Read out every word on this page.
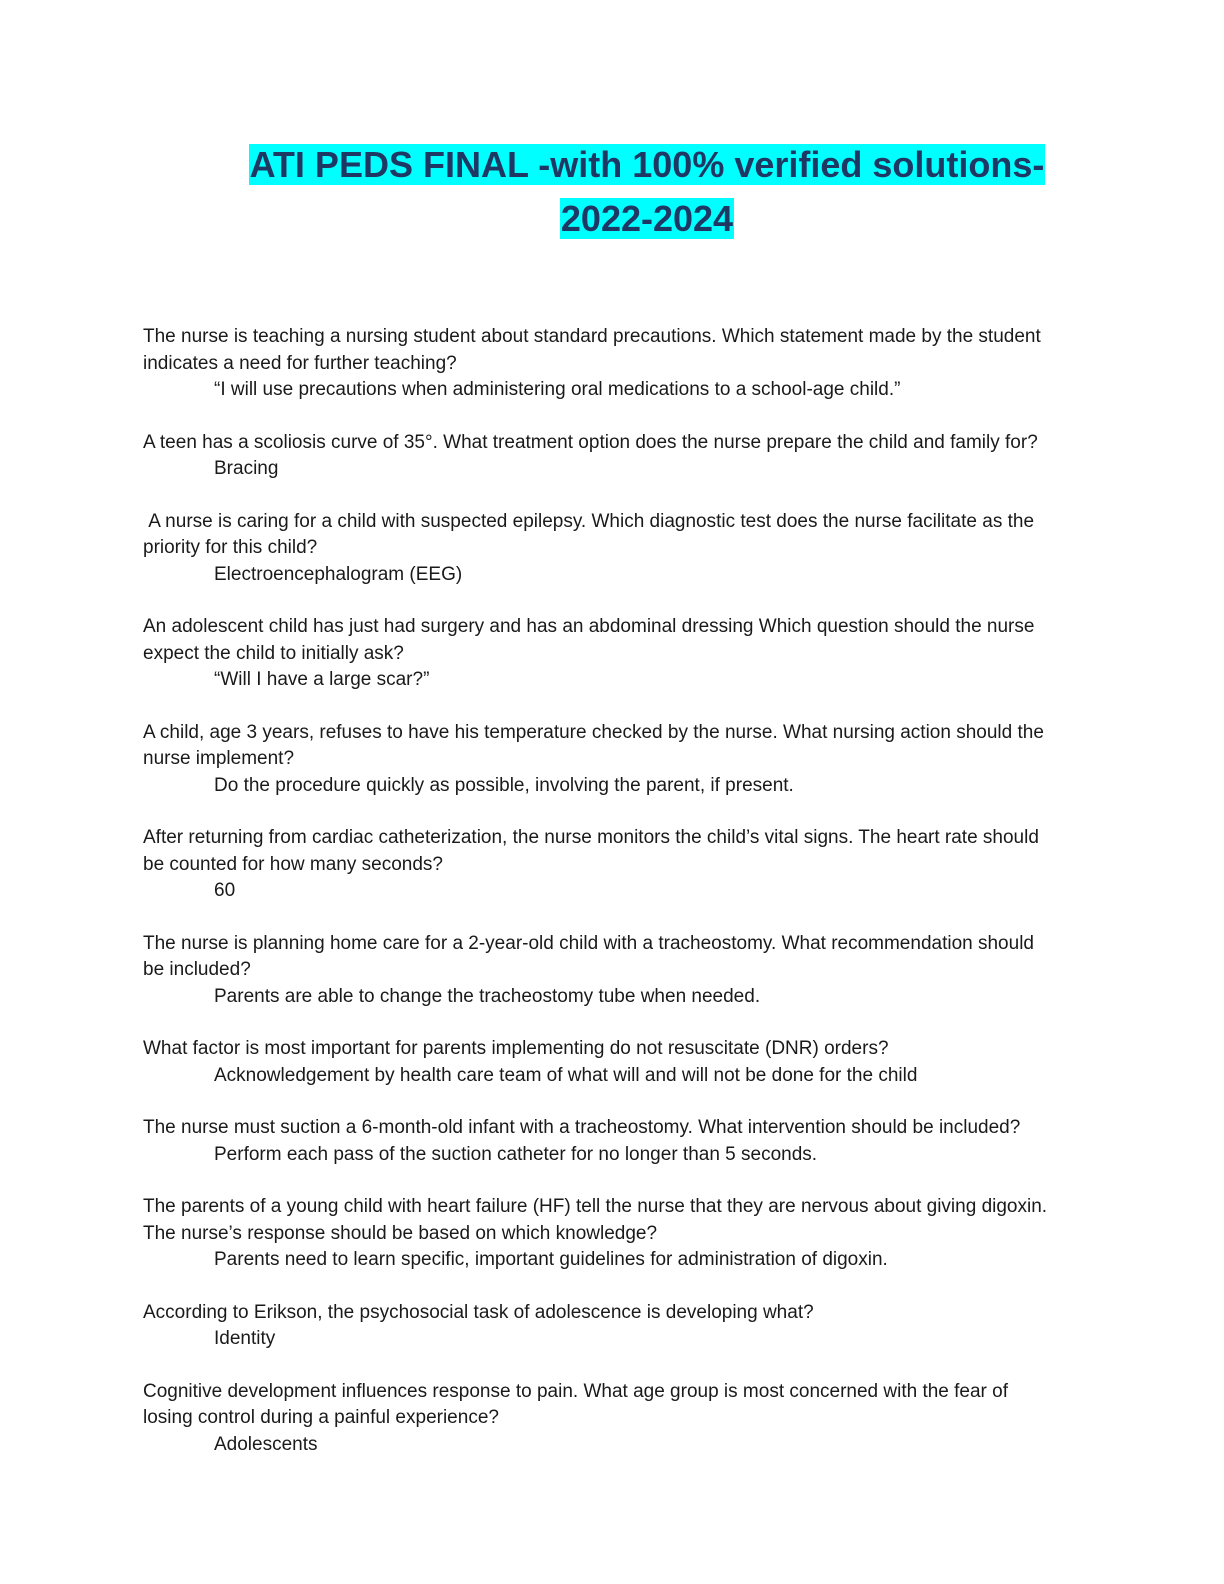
ATI PEDS FINAL -with 100% verified solutions-
2022-2024

The nurse is teaching a nursing student about standard precautions. Which statement made by the student indicates a need for further teaching?

“I will use precautions when administering oral medications to a school-age child.”

A teen has a scoliosis curve of 35°. What treatment option does the nurse prepare the child and family for?

Bracing

A nurse is caring for a child with suspected epilepsy. Which diagnostic test does the nurse facilitate as the priority for this child?

Electroencephalogram (EEG)

An adolescent child has just had surgery and has an abdominal dressing Which question should the nurse expect the child to initially ask?

“Will I have a large scar?”

A child, age 3 years, refuses to have his temperature checked by the nurse. What nursing action should the nurse implement?

Do the procedure quickly as possible, involving the parent, if present.

After returning from cardiac catheterization, the nurse monitors the child’s vital signs. The heart rate should be counted for how many seconds?

60

The nurse is planning home care for a 2-year-old child with a tracheostomy. What recommendation should be included?

Parents are able to change the tracheostomy tube when needed.

What factor is most important for parents implementing do not resuscitate (DNR) orders?

Acknowledgement by health care team of what will and will not be done for the child

The nurse must suction a 6-month-old infant with a tracheostomy. What intervention should be included?

Perform each pass of the suction catheter for no longer than 5 seconds.

The parents of a young child with heart failure (HF) tell the nurse that they are nervous about giving digoxin. The nurse’s response should be based on which knowledge?

Parents need to learn specific, important guidelines for administration of digoxin.

According to Erikson, the psychosocial task of adolescence is developing what?

Identity

Cognitive development influences response to pain. What age group is most concerned with the fear of losing control during a painful experience?

Adolescents
